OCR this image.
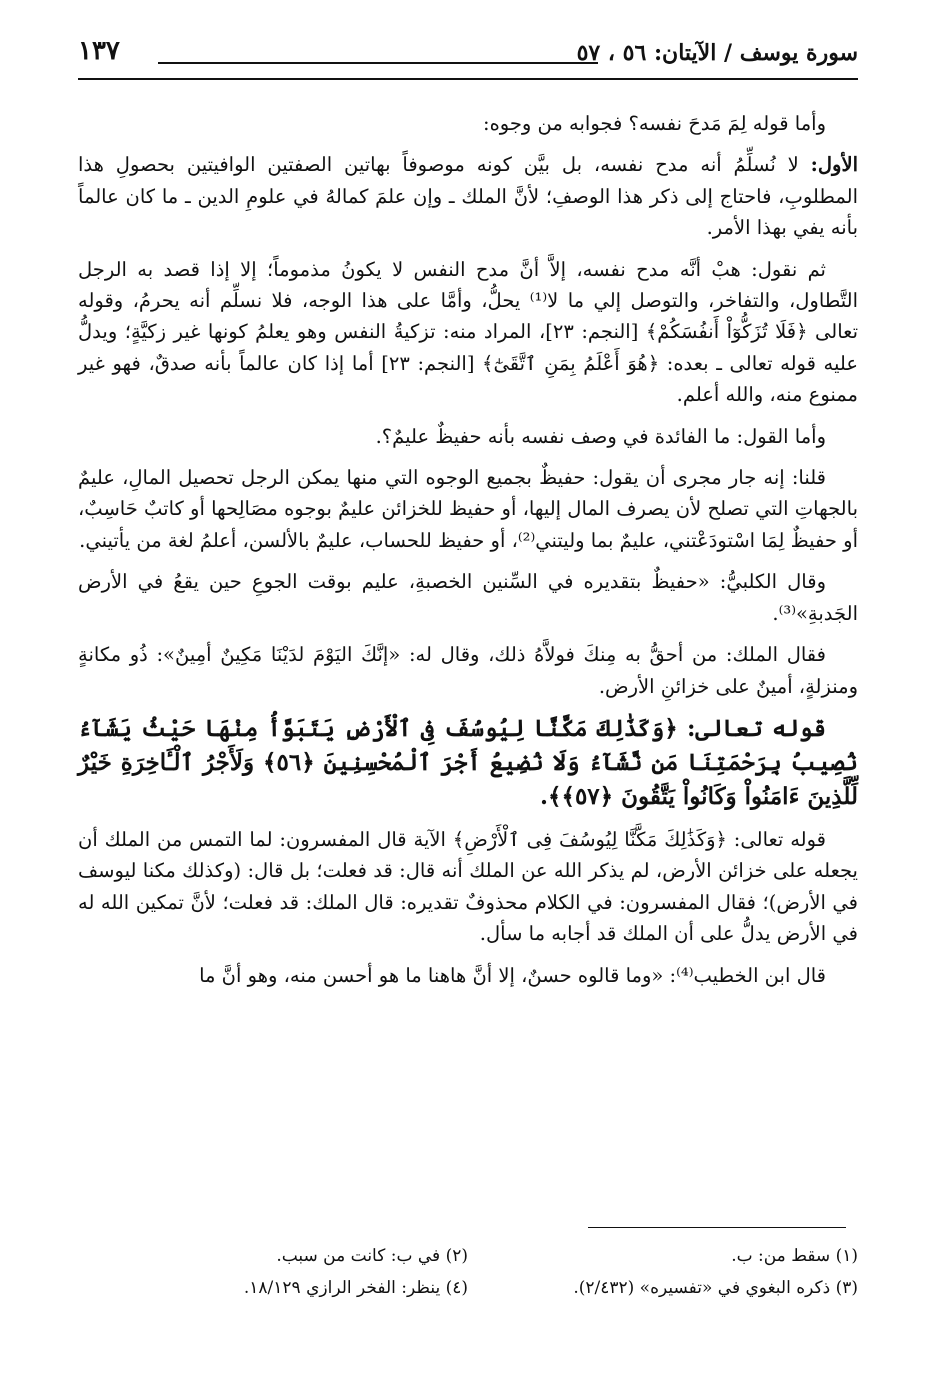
سورة يوسف / الآيتان: ٥٦ ، ٥٧
١٣٧

وأما قوله لِمَ مَدحَ نفسه؟ فجوابه من وجوه:

الأول: لا نُسلِّمُ أنه مدح نفسه، بل بيَّن كونه موصوفاً بهاتين الصفتين الوافيتين بحصولِ هذا المطلوبِ، فاحتاج إلى ذكر هذا الوصفِ؛ لأنَّ الملك ـ وإن علمَ كمالهُ في علومِ الدين ـ ما كان عالماً بأنه يفي بهذا الأمر.

ثم نقول: هبْ أنَّه مدح نفسه، إلاَّ أنَّ مدح النفس لا يكونُ مذموماً؛ إلا إذا قصد به الرجل التَّطاول، والتفاخر، والتوصل إلي ما لا⁽¹⁾ يحلُّ، وأمَّا على هذا الوجه، فلا نسلِّم أنه يحرمُ، وقوله تعالى ﴿فَلَا تُزَكُّوٓاْ أَنفُسَكُمْ﴾ [النجم: ٢٣]، المراد منه: تزكيةُ النفس وهو يعلمُ كونها غير زكيَّةٍ؛ ويدلُّ عليه قوله تعالى ـ بعده: ﴿هُوَ أَعْلَمُ بِمَنِ ٱتَّقَىٰٓ﴾ [النجم: ٢٣] أما إذا كان عالماً بأنه صدقٌ، فهو غير ممنوع منه، والله أعلم.

وأما القول: ما الفائدة في وصف نفسه بأنه حفيظٌ عليمٌ؟.

قلنا: إنه جار مجرى أن يقول: حفيظٌ بجميع الوجوه التي منها يمكن الرجل تحصيل المالِ، عليمٌ بالجهاتِ التي تصلح لأن يصرف المال إليها، أو حفيظ للخزائن عليمٌ بوجوه مصَالِحها أو كاتبٌ حَاسِبٌ، أو حفيظٌ لِمَا اسْتودَعْتني، عليمٌ بما وليتني⁽²⁾، أو حفيظ للحساب، عليمٌ بالألسن، أعلمُ لغة من يأتيني.

وقال الكلبيُّ: «حفيظٌ بتقديره في السِّنين الخصبةِ، عليم بوقت الجوعِ حين يقعُ في الأرض الجَدبةِ»⁽³⁾.

فقال الملك: من أحقُّ به مِنكَ فولاَّهُ ذلك، وقال له: «إنَّكَ اليَوْمَ لدَيْنَا مَكِينٌ أمِينٌ»: ذُو مكانةٍ ومنزلةٍ، أمينٌ على خزائنِ الأرض.

قوله تعالى: ﴿وَكَذَٰلِكَ مَكَّنَّا لِيُوسُفَ فِى ٱلْأَرْضِ يَتَبَوَّأُ مِنْهَا حَيْثُ يَشَآءُ نُصِيبُ بِرَحْمَتِنَا مَن نَّشَآءُ وَلَا نُضِيعُ أَجْرَ ٱلْمُحْسِنِينَ ﴿٥٦﴾ وَلَأَجْرُ ٱلْـَٔاخِرَةِ خَيْرٌ لِّلَّذِينَ ءَامَنُواْ وَكَانُواْ يَتَّقُونَ ﴿٥٧﴾﴾.

قوله تعالى: ﴿وَكَذَٰلِكَ مَكَّنَّا لِيُوسُفَ فِى ٱلْأَرْضِ﴾ الآية قال المفسرون: لما التمس من الملك أن يجعله على خزائن الأرض، لم يذكر الله عن الملك أنه قال: قد فعلت؛ بل قال: (وكذلك مكنا ليوسف في الأرض)؛ فقال المفسرون: في الكلام محذوفٌ تقديره: قال الملك: قد فعلت؛ لأنَّ تمكين الله له في الأرض يدلُّ على أن الملك قد أجابه ما سأل.

قال ابن الخطيب⁽⁴⁾: «وما قالوه حسنٌ، إلا أنَّ هاهنا ما هو أحسن منه، وهو أنَّ ما

(١) سقط من: ب.
(٢) في ب: كانت من سبب.
(٣) ذكره البغوي في «تفسيره» (٢/٤٣٢).
(٤) ينظر: الفخر الرازي ١٨/١٢٩.
